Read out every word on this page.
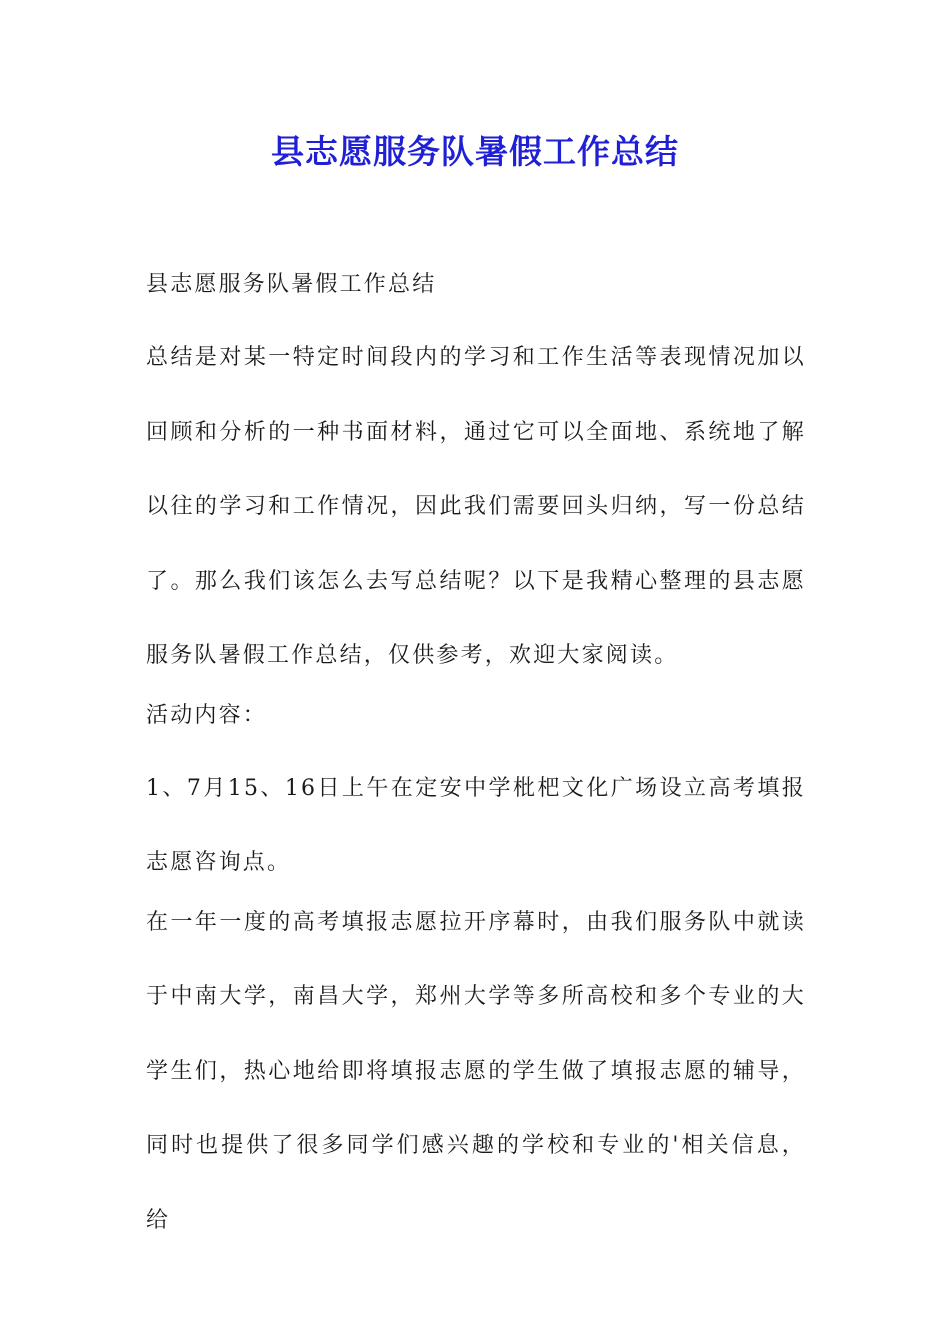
县志愿服务队暑假工作总结

县志愿服务队暑假工作总结

总结是对某一特定时间段内的学习和工作生活等表现情况加以回顾和分析的一种书面材料，通过它可以全面地、系统地了解以往的学习和工作情况，因此我们需要回头归纳，写一份总结了。那么我们该怎么去写总结呢？以下是我精心整理的县志愿服务队暑假工作总结，仅供参考，欢迎大家阅读。

活动内容：

1、7月15、16日上午在定安中学枇杷文化广场设立高考填报志愿咨询点。

在一年一度的高考填报志愿拉开序幕时，由我们服务队中就读于中南大学，南昌大学，郑州大学等多所高校和多个专业的大学生们，热心地给即将填报志愿的学生做了填报志愿的辅导，同时也提供了很多同学们感兴趣的学校和专业的'相关信息，给
